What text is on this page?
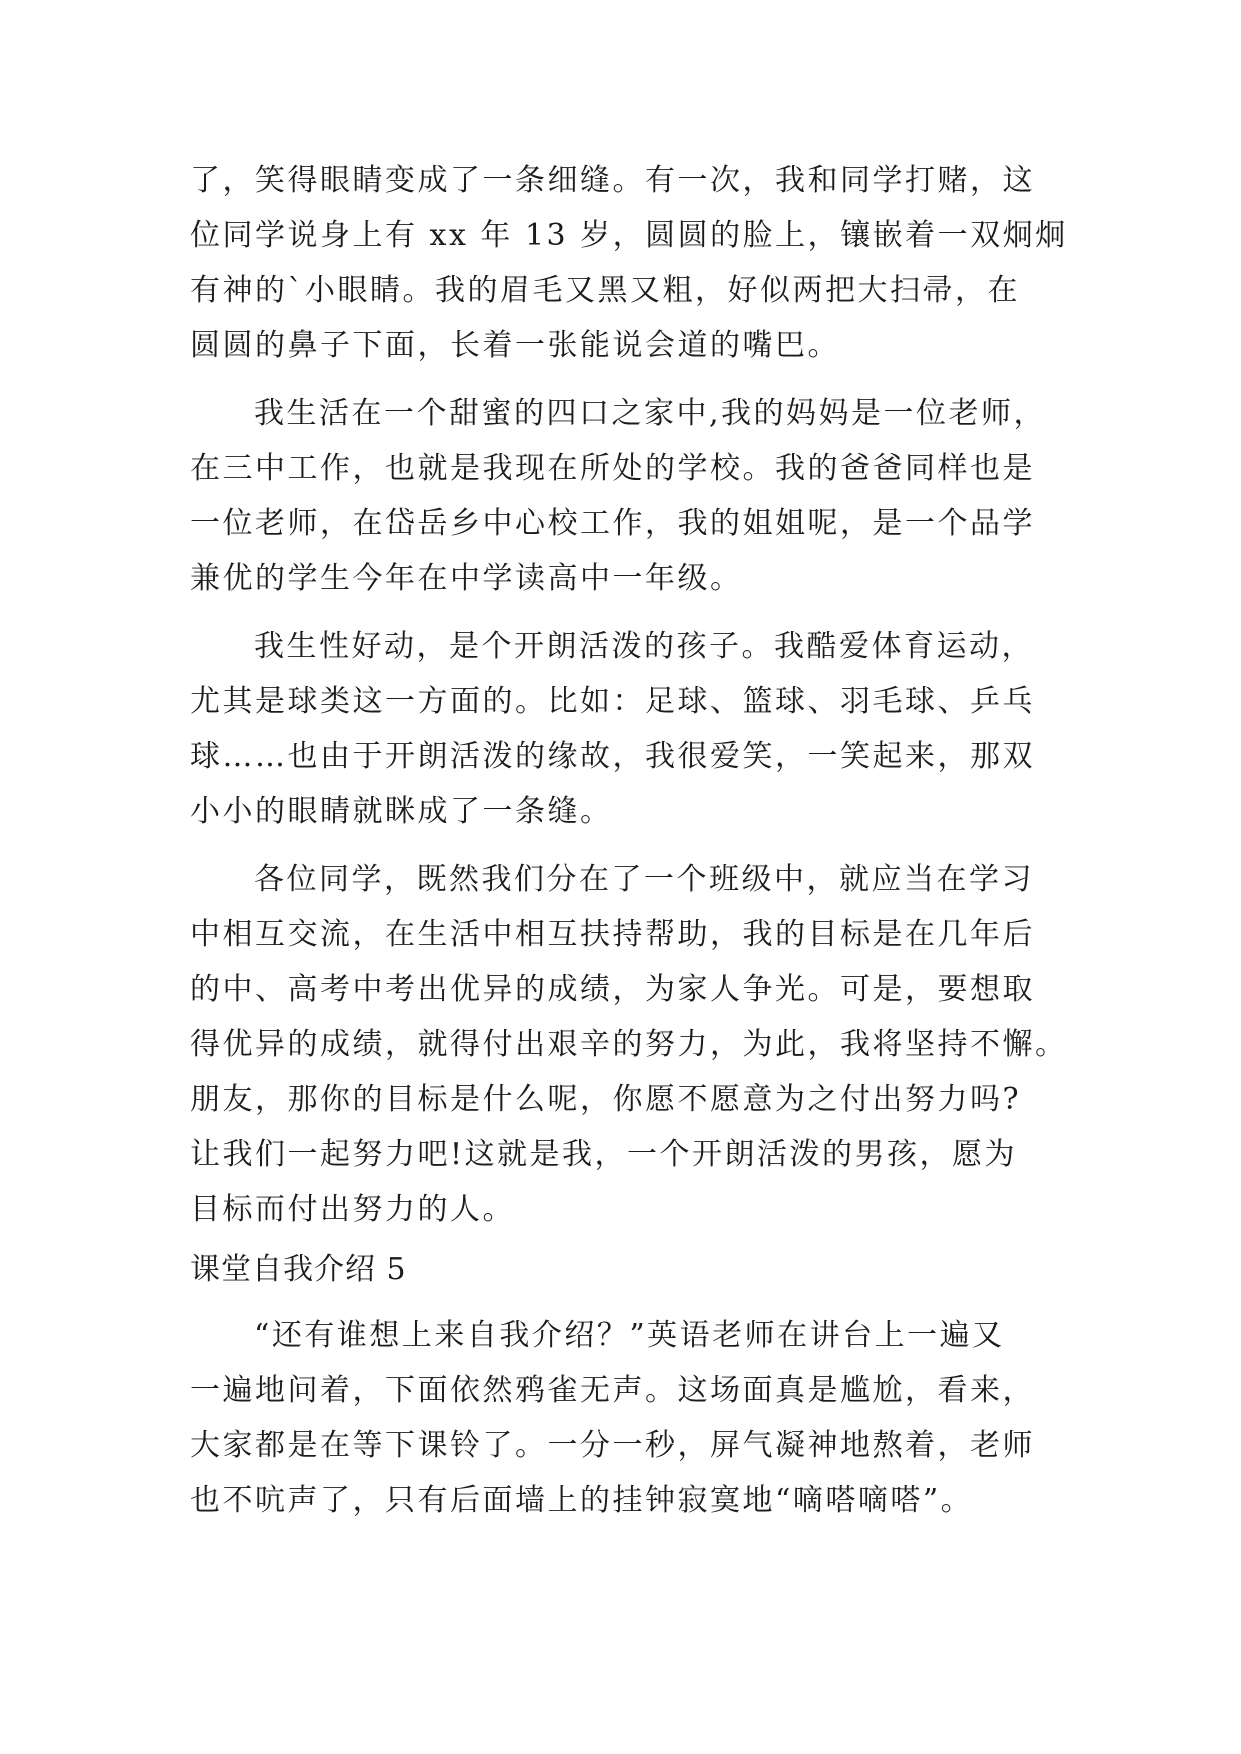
了，笑得眼睛变成了一条细缝。有一次，我和同学打赌，这
位同学说身上有 xx 年 13 岁，圆圆的脸上，镶嵌着一双炯炯
有神的`小眼睛。我的眉毛又黑又粗，好似两把大扫帚，在
圆圆的鼻子下面，长着一张能说会道的嘴巴。
我生活在一个甜蜜的四口之家中,我的妈妈是一位老师，
在三中工作，也就是我现在所处的学校。我的爸爸同样也是
一位老师，在岱岳乡中心校工作，我的姐姐呢，是一个品学
兼优的学生今年在中学读高中一年级。
我生性好动，是个开朗活泼的孩子。我酷爱体育运动，
尤其是球类这一方面的。比如：足球、篮球、羽毛球、乒乓
球……也由于开朗活泼的缘故，我很爱笑，一笑起来，那双
小小的眼睛就眯成了一条缝。
各位同学，既然我们分在了一个班级中，就应当在学习
中相互交流，在生活中相互扶持帮助，我的目标是在几年后
的中、高考中考出优异的成绩，为家人争光。可是，要想取
得优异的成绩，就得付出艰辛的努力，为此，我将坚持不懈。
朋友，那你的目标是什么呢，你愿不愿意为之付出努力吗?
让我们一起努力吧!这就是我，一个开朗活泼的男孩，愿为
目标而付出努力的人。
课堂自我介绍 5
“还有谁想上来自我介绍？”英语老师在讲台上一遍又
一遍地问着，下面依然鸦雀无声。这场面真是尴尬，看来，
大家都是在等下课铃了。一分一秒，屏气凝神地熬着，老师
也不吭声了，只有后面墙上的挂钟寂寞地“嘀嗒嘀嗒”。
